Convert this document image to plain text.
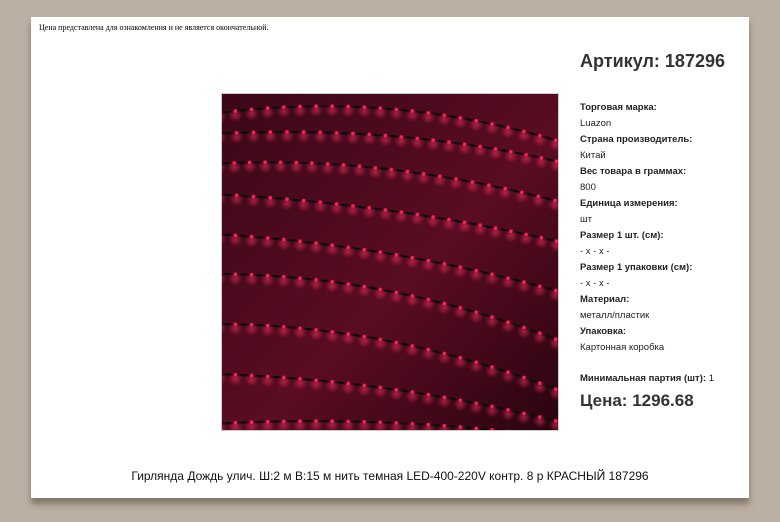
Цена представлена для ознакомления и не является окончательной.
Артикул: 187296
Торговая марка:
Luazon
Страна производитель:
Китай
Вес товара в граммах:
800
Единица измерения:
шт
Размер 1 шт. (см):
- x - x -
Размер 1 упаковки (см):
- x - x -
Материал:
металл/пластик
Упаковка:
Картонная коробка
Минимальная партия (шт): 1
Цена: 1296.68
Гирлянда Дождь улич. Ш:2 м В:15 м нить темная LED-400-220V контр. 8 р КРАСНЫЙ 187296
